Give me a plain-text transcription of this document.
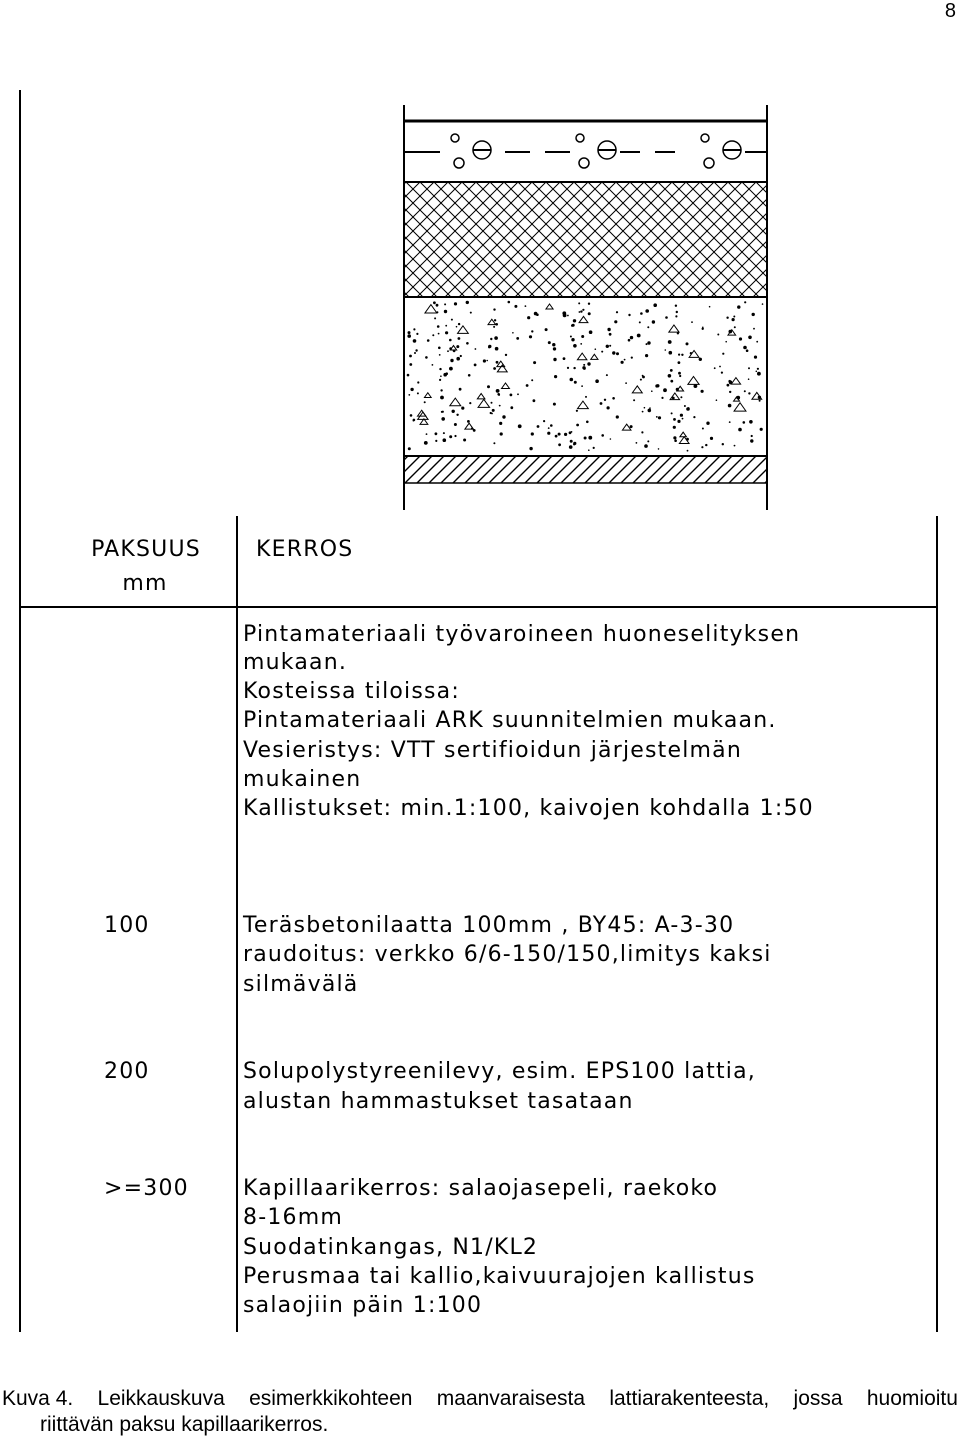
8
PAKSUUS
mm
KERROS
Pintamateriaali työvaroineen huoneselityksen
mukaan.
Kosteissa tiloissa:
Pintamateriaali ARK suunnitelmien mukaan.
Vesieristys: VTT sertifioidun järjestelmän
mukainen
Kallistukset: min.1:100, kaivojen kohdalla 1:50
100	Teräsbetonilaatta 100mm , BY45: A-3-30
raudoitus: verkko 6/6-150/150,limitys kaksi
silmävälä
200	Solupolystyreenilevy, esim. EPS100 lattia,
alustan hammastukset tasataan
>=300 Kapillaarikerros: salaojasepeli, raekoko
8-16mm
Suodatinkangas, N1/KL2
Perusmaa tai kallio,kaivuurajojen kallistus
salaojiin päin 1:100
Kuva 4. Leikkauskuva esimerkkikohteen maanvaraisesta lattiarakenteesta, jossa huomioitu
riittävän paksu kapillaarikerros.
